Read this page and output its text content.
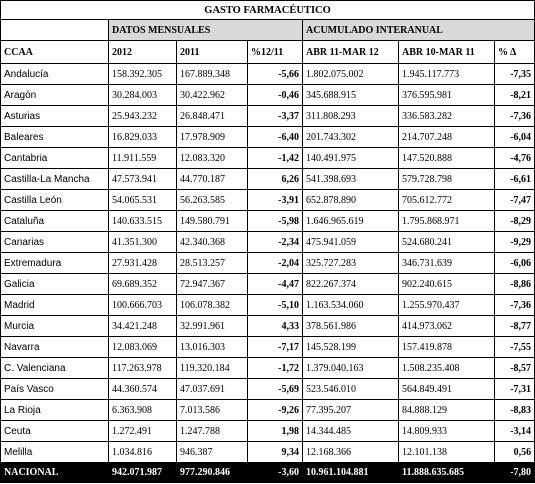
GASTO FARMACÉUTICO						
	DATOS MENSUALES			ACUMULADO INTERANUAL		
CCAA	2012	2011	%12/11	ABR 11-MAR 12	ABR 10-MAR 11	% Δ
Andalucía	158.392.305	167.889.348	-5,66	1.802.075.002	1.945.117.773	-7,35
Aragón	30.284.003	30.422.962	-0,46	345.688.915	376.595.981	-8,21
Asturias	25.943.232	26.848.471	-3,37	311.808.293	336.583.282	-7,36
Baleares	16.829.033	17.978.909	-6,40	201.743.302	214.707.248	-6,04
Cantabria	11.911.559	12.083.320	-1,42	140.491.975	147.520.888	-4,76
Castilla-La Mancha	47.573.941	44.770.187	6,26	541.398.693	579.728.798	-6,61
Castilla León	54.065.531	56.263.585	-3,91	652.878.890	705.612.772	-7,47
Cataluña	140.633.515	149.580.791	-5,98	1.646.965.619	1.795.868.971	-8,29
Canarias	41.351.300	42.340.368	-2,34	475.941.059	524.680.241	-9,29
Extremadura	27.931.428	28.513.257	-2,04	325.727.283	346.731.639	-6,06
Galicia	69.689.352	72.947.367	-4,47	822.267.374	902.240.615	-8,86
Madrid	100.666.703	106.078.382	-5,10	1.163.534.060	1.255.970.437	-7,36
Murcia	34.421.248	32.991.961	4,33	378.561.986	414.973.062	-8,77
Navarra	12.083.069	13.016.303	-7,17	145.528.199	157.419.878	-7,55
C. Valenciana	117.263.978	119.320.184	-1,72	1.379.040.163	1.508.235.408	-8,57
País Vasco	44.360.574	47.037.691	-5,69	523.546.010	564.849.491	-7,31
La Rioja	6.363.908	7.013.586	-9,26	77.395.207	84.888.129	-8,83
Ceuta	1.272.491	1.247.788	1,98	14.344.485	14.809.933	-3,14
Melilla	1.034.816	946.387	9,34	12.168.366	12.101.138	0,56
NACIONAL	942.071.987	977.290.846	-3,60	10.961.104.881	11.888.635.685	-7,80
